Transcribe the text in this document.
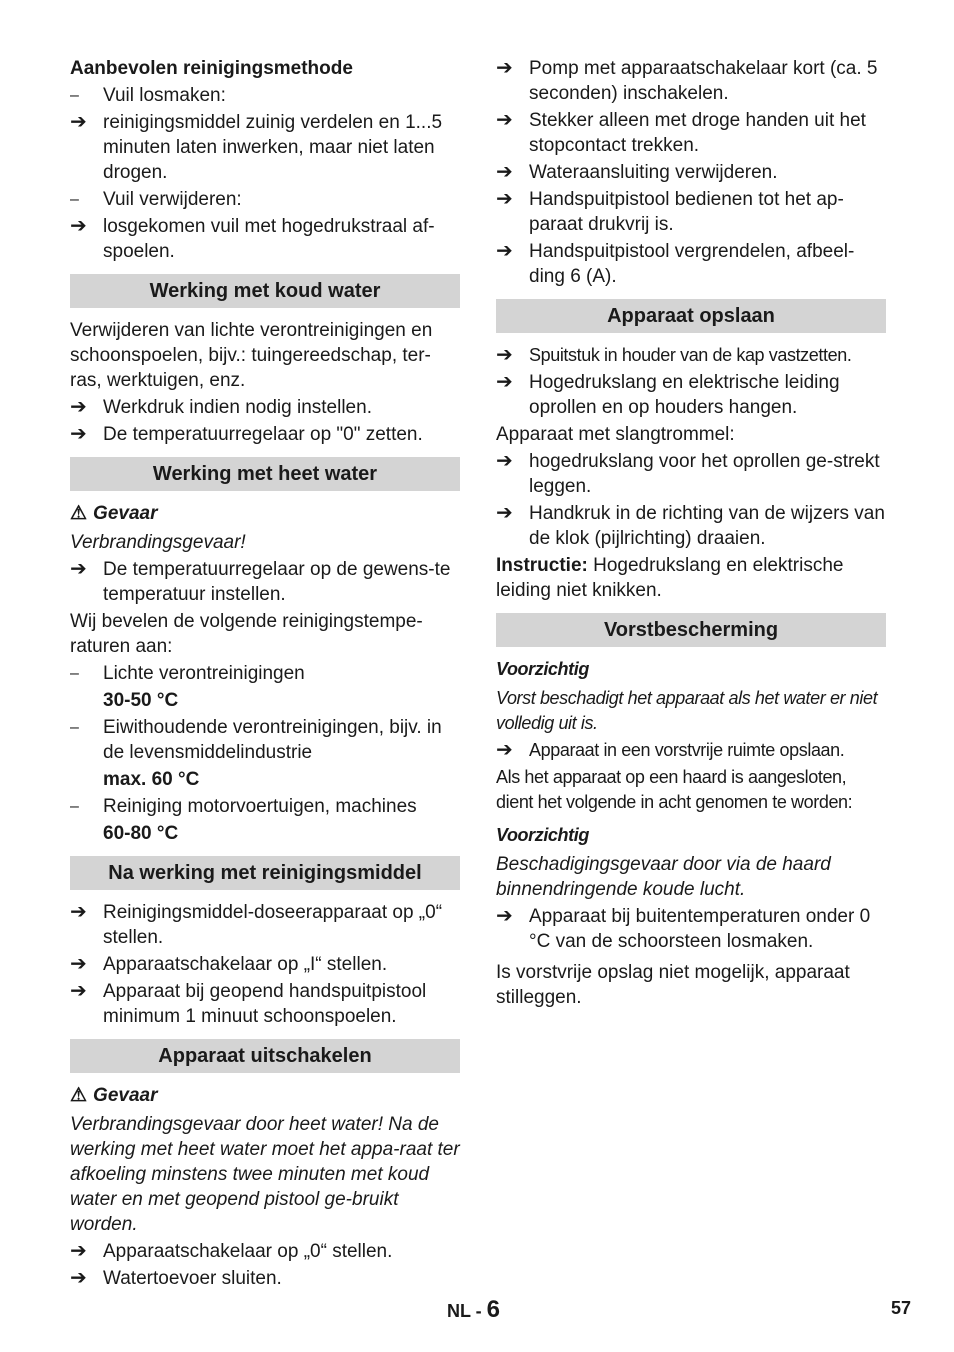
Aanbevolen reinigingsmethode

–	Vuil losmaken:
➔ reinigingsmiddel zuinig verdelen en 1...5 minuten laten inwerken, maar niet laten drogen.
–	Vuil verwijderen:
➔ losgekomen vuil met hogedrukstraal af-spoelen.
Werking met koud water

Verwijderen van lichte verontreinigingen en schoonspoelen, bijv.: tuingereedschap, ter-ras, werktuigen, enz.

➔ Werkdruk indien nodig instellen.
➔ De temperatuurregelaar op "0" zetten.
Werking met heet water

⚠ Gevaar

Verbrandingsgevaar!

➔ De temperatuurregelaar op de gewens-te temperatuur instellen.

Wij bevelen de volgende reinigingstempe-raturen aan:

–	Lichte verontreinigingen
30-50 °C
–	Eiwithoudende verontreinigingen, bijv. in de levensmiddelindustrie
max. 60 °C
–	Reiniging motorvoertuigen, machines
60-80 °C
Na werking met reinigingsmiddel
➔ Reinigingsmiddel-doseerapparaat op „0“ stellen.
➔ Apparaatschakelaar op „I“ stellen.
➔ Apparaat bij geopend handspuitpistool minimum 1 minuut schoonspoelen.
Apparaat uitschakelen

⚠ Gevaar

Verbrandingsgevaar door heet water! Na de werking met heet water moet het appa-raat ter afkoeling minstens twee minuten met koud water en met geopend pistool ge-bruikt worden.

➔ Apparaatschakelaar op „0“ stellen.
➔ Watertoevoer sluiten.
➔ Pomp met apparaatschakelaar kort (ca. 5 seconden) inschakelen.
➔ Stekker alleen met droge handen uit het stopcontact trekken.
➔ Wateraansluiting verwijderen.
➔ Handspuitpistool bedienen tot het ap-paraat drukvrij is.
➔ Handspuitpistool vergrendelen, afbeel-ding 6 (A).
Apparaat opslaan
➔ Spuitstuk in houder van de kap vastzetten.
➔ Hogedrukslang en elektrische leiding oprollen en op houders hangen.

Apparaat met slangtrommel:

➔ hogedrukslang voor het oprollen ge-strekt leggen.
➔ Handkruk in de richting van de wijzers van de klok (pijlrichting) draaien.

Instructie: Hogedrukslang en elektrische leiding niet knikken.

Vorstbescherming

Voorzichtig

Vorst beschadigt het apparaat als het water er niet volledig uit is.

➔ Apparaat in een vorstvrije ruimte opslaan.

Als het apparaat op een haard is aangesloten, dient het volgende in acht genomen te worden:

Voorzichtig

Beschadigingsgevaar door via de haard binnendringende koude lucht.

➔ Apparaat bij buitentemperaturen onder 0 °C van de schoorsteen losmaken.

Is vorstvrije opslag niet mogelijk, apparaat stilleggen.

NL - 6	57
